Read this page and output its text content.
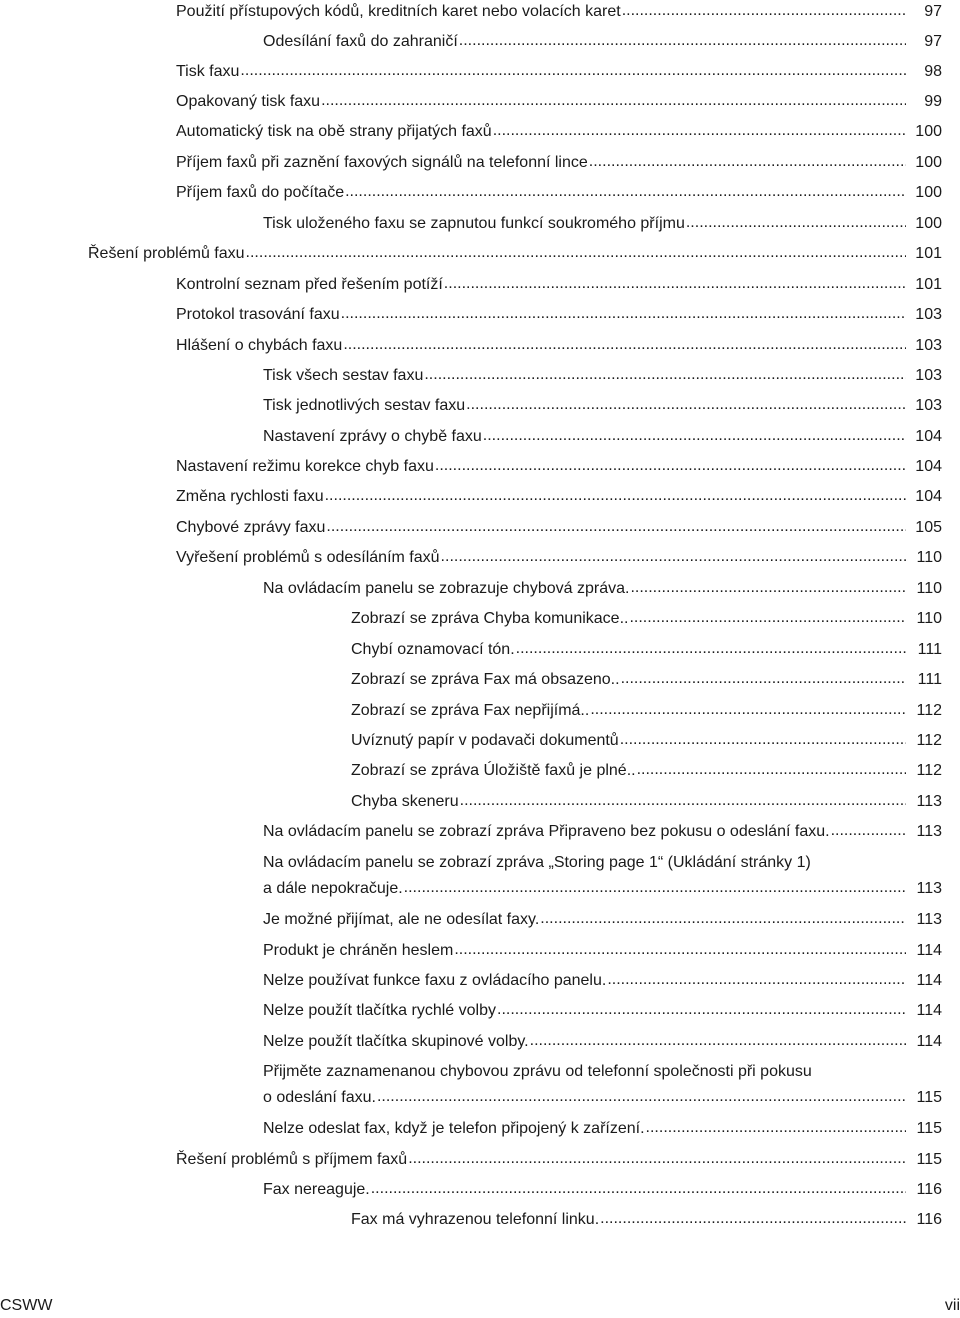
Použití přístupových kódů, kreditních karet nebo volacích karet .....	97
Odesílání faxů do zahraničí .....	97
Tisk faxu .....	98
Opakovaný tisk faxu .....	99
Automatický tisk na obě strany přijatých faxů .....	100
Příjem faxů při zaznění faxových signálů na telefonní lince .....	100
Příjem faxů do počítače .....	100
Tisk uloženého faxu se zapnutou funkcí soukromého příjmu .....	100
Řešení problémů faxu .....	101
Kontrolní seznam před řešením potíží .....	101
Protokol trasování faxu .....	103
Hlášení o chybách faxu .....	103
Tisk všech sestav faxu .....	103
Tisk jednotlivých sestav faxu .....	103
Nastavení zprávy o chybě faxu .....	104
Nastavení režimu korekce chyb faxu .....	104
Změna rychlosti faxu .....	104
Chybové zprávy faxu .....	105
Vyřešení problémů s odesíláním faxů .....	110
Na ovládacím panelu se zobrazuje chybová zpráva. .....	110
Zobrazí se zpráva Chyba komunikace.. .....	110
Chybí oznamovací tón. .....	111
Zobrazí se zpráva Fax má obsazeno.. .....	111
Zobrazí se zpráva Fax nepřijímá.. .....	112
Uvíznutý papír v podavači dokumentů .....	112
Zobrazí se zpráva Úložiště faxů je plné.. .....	112
Chyba skeneru .....	113
Na ovládacím panelu se zobrazí zpráva Připraveno bez pokusu o odeslání faxu. .....	113
Na ovládacím panelu se zobrazí zpráva „Storing page 1“ (Ukládání stránky 1)
a dále nepokračuje. .....	113
Je možné přijímat, ale ne odesílat faxy. .....	113
Produkt je chráněn heslem .....	114
Nelze používat funkce faxu z ovládacího panelu. .....	114
Nelze použít tlačítka rychlé volby .....	114
Nelze použít tlačítka skupinové volby. .....	114
Přijměte zaznamenanou chybovou zprávu od telefonní společnosti při pokusu
o odeslání faxu. .....	115
Nelze odeslat fax, když je telefon připojený k zařízení. .....	115
Řešení problémů s příjmem faxů .....	115
Fax nereaguje. .....	116
Fax má vyhrazenou telefonní linku. .....	116
CSWW	vii
